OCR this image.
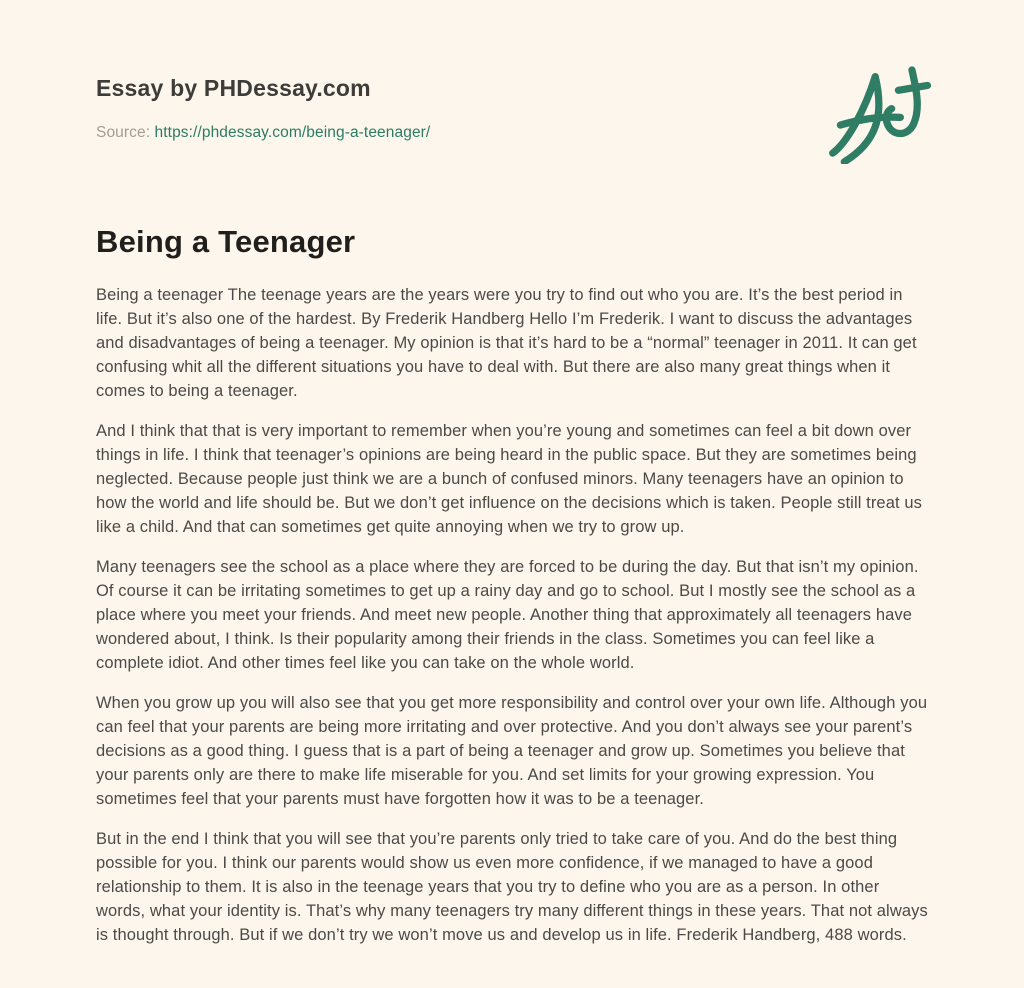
Essay by PHDessay.com
Source: https://phdessay.com/being-a-teenager/
Being a Teenager

Being a teenager The teenage years are the years were you try to find out who you are. It’s the best period in life. But it’s also one of the hardest. By Frederik Handberg Hello I’m Frederik. I want to discuss the advantages and disadvantages of being a teenager. My opinion is that it’s hard to be a “normal” teenager in 2011. It can get confusing whit all the different situations you have to deal with. But there are also many great things when it comes to being a teenager.

And I think that that is very important to remember when you’re young and sometimes can feel a bit down over things in life. I think that teenager’s opinions are being heard in the public space. But they are sometimes being neglected. Because people just think we are a bunch of confused minors. Many teenagers have an opinion to how the world and life should be. But we don’t get influence on the decisions which is taken. People still treat us like a child. And that can sometimes get quite annoying when we try to grow up.

Many teenagers see the school as a place where they are forced to be during the day. But that isn’t my opinion. Of course it can be irritating sometimes to get up a rainy day and go to school. But I mostly see the school as a place where you meet your friends. And meet new people. Another thing that approximately all teenagers have wondered about, I think. Is their popularity among their friends in the class. Sometimes you can feel like a complete idiot. And other times feel like you can take on the whole world.

When you grow up you will also see that you get more responsibility and control over your own life. Although you can feel that your parents are being more irritating and over protective. And you don’t always see your parent’s decisions as a good thing. I guess that is a part of being a teenager and grow up. Sometimes you believe that your parents only are there to make life miserable for you. And set limits for your growing expression. You sometimes feel that your parents must have forgotten how it was to be a teenager.

But in the end I think that you will see that you’re parents only tried to take care of you. And do the best thing possible for you. I think our parents would show us even more confidence, if we managed to have a good relationship to them. It is also in the teenage years that you try to define who you are as a person. In other words, what your identity is. That’s why many teenagers try many different things in these years. That not always is thought through. But if we don’t try we won’t move us and develop us in life. Frederik Handberg, 488 words.
